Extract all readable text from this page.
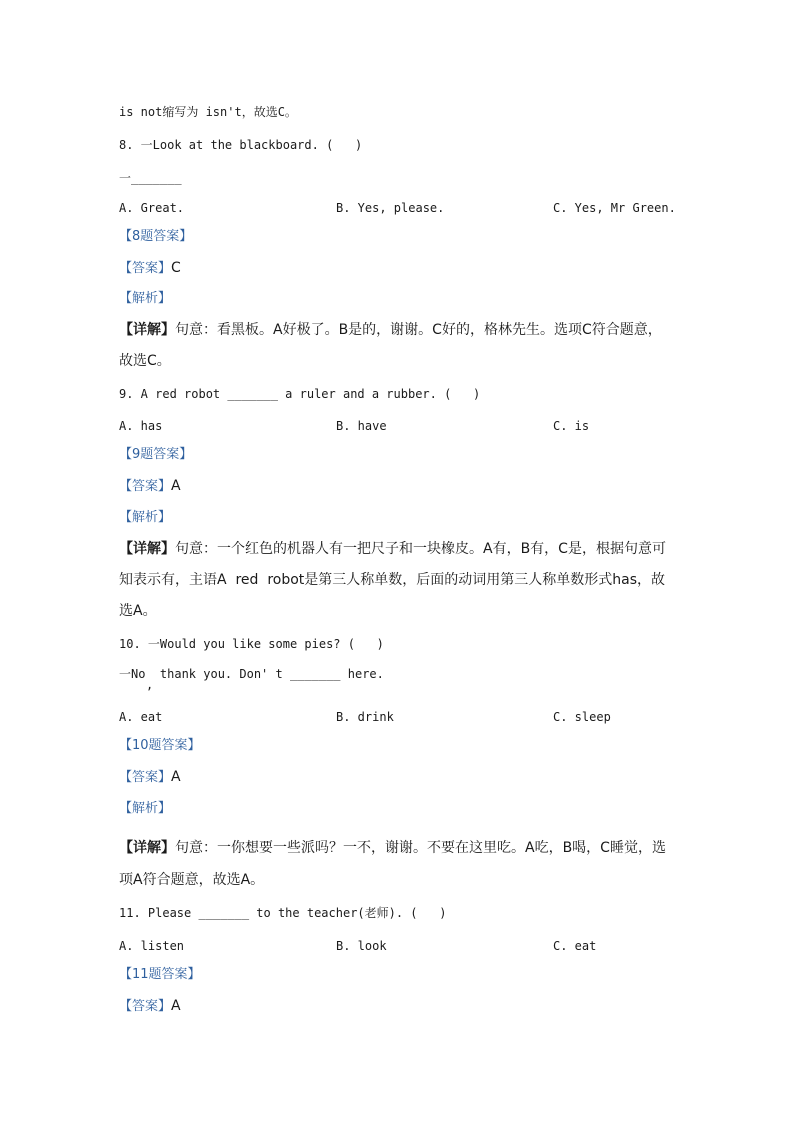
is not缩写为 isn't，故选C。
8. 一Look at the blackboard. (   )
一_______
A. Great.	B. Yes, please.	C. Yes, Mr Green.
【8题答案】
【答案】C
【解析】
【详解】句意：看黑板。A好极了。B是的，谢谢。C好的，格林先生。选项C符合题意，
故选C。
9. A red robot _______ a ruler and a rubber. (   )
A. has	B. have	C. is
【9题答案】
【答案】A
【解析】
【详解】句意：一个红色的机器人有一把尺子和一块橡皮。A有，B有，C是，根据句意可
知表示有，主语A  red  robot是第三人称单数，后面的动词用第三人称单数形式has，故
选A。
10. 一Would you like some pies? (   )
一No  thank you. Don' t _______ here.
,
A. eat	B. drink	C. sleep
【10题答案】
【答案】A
【解析】
【详解】句意：一你想要一些派吗？一不，谢谢。不要在这里吃。A吃，B喝，C睡觉，选
项A符合题意，故选A。
11. Please _______ to the teacher(老师). (   )
A. listen	B. look	C. eat
【11题答案】
【答案】A
